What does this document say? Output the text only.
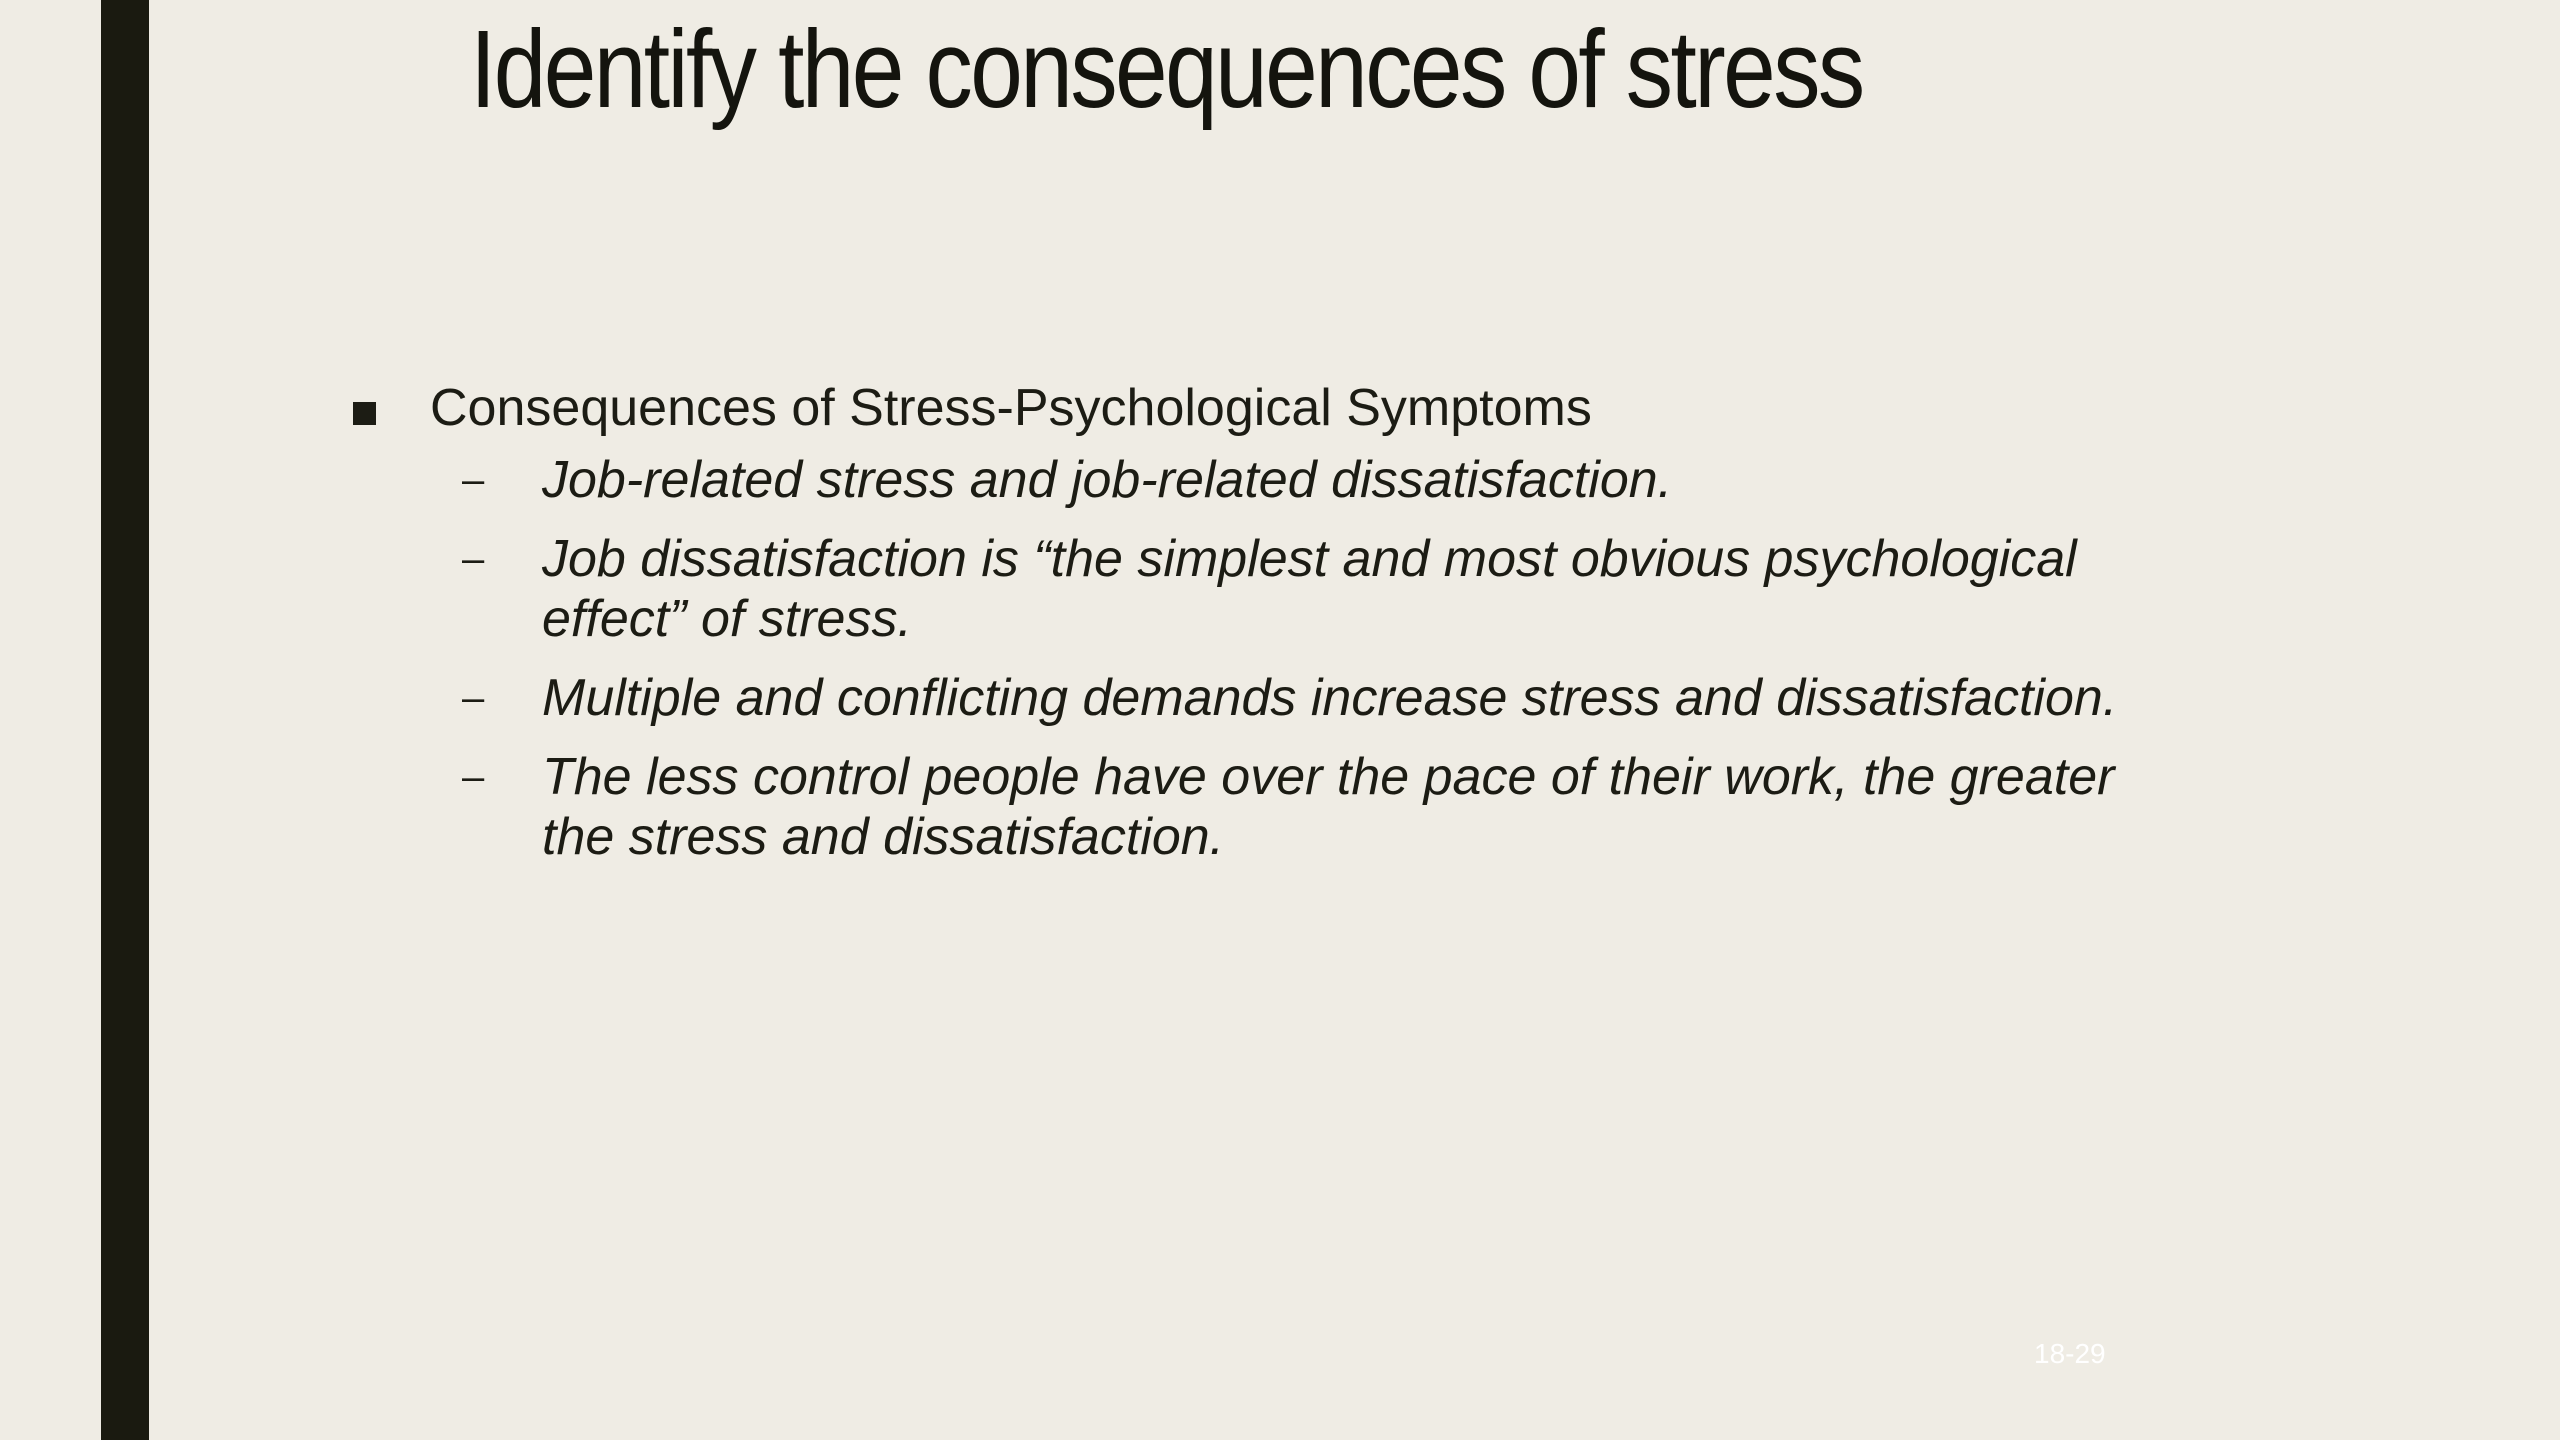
Identify the consequences of stress
Consequences of Stress-Psychological Symptoms
–	Job-related stress and job-related dissatisfaction.
–	Job dissatisfaction is “the simplest and most obvious psychological effect” of stress.
–	Multiple and conflicting demands increase stress and dissatisfaction.
–	The less control people have over the pace of their work, the greater the stress and dissatisfaction.
18-29
